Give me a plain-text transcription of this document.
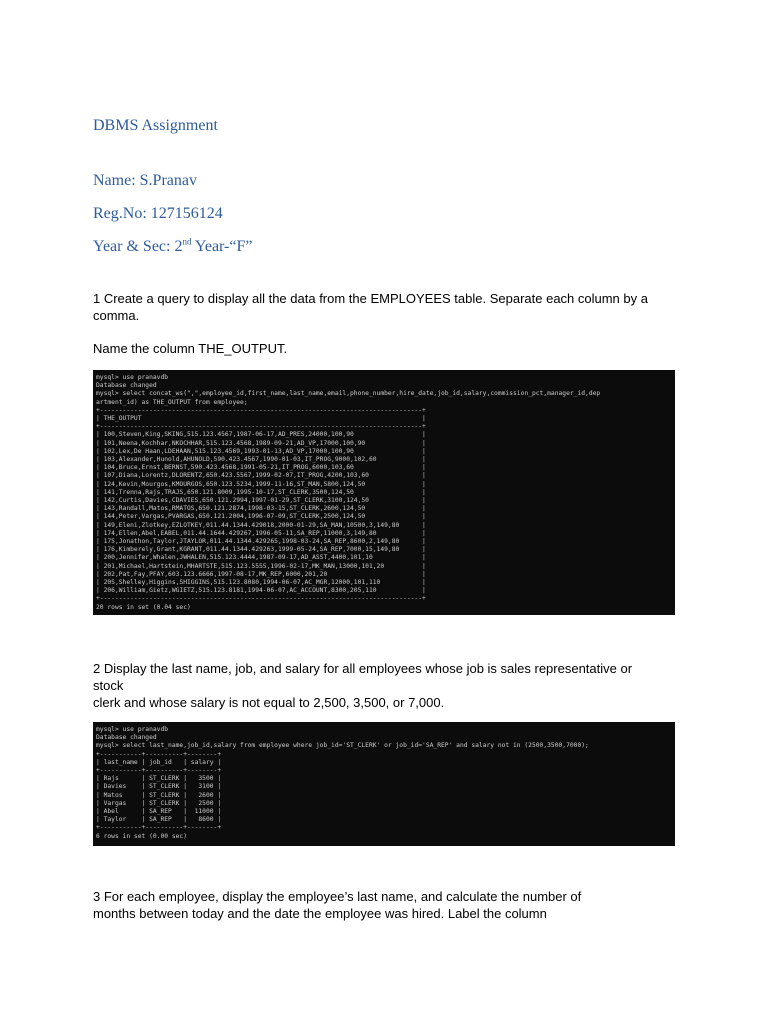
DBMS Assignment
Name: S.Pranav
Reg.No: 127156124
Year & Sec: 2nd Year-“F”
1 Create a query to display all the data from the EMPLOYEES table. Separate each column by a comma.
Name the column THE_OUTPUT.
mysql> use pranavdb
Database changed
mysql> select concat_ws(",",employee_id,first_name,last_name,email,phone_number,hire_date,job_id,salary,commission_pct,manager_id,dep
artment_id) as THE_OUTPUT from employee;
+-------------------------------------------------------------------------------------+
| THE_OUTPUT                                                                          |
+-------------------------------------------------------------------------------------+
| 100,Steven,King,SKING,515.123.4567,1987-06-17,AD_PRES,24000,100,90                  |
| 101,Neena,Kochhar,NKOCHHAR,515.123.4568,1989-09-21,AD_VP,17000,100,90               |
| 102,Lex,De Haan,LDEHAAN,515.123.4569,1993-01-13,AD_VP,17000,100,90                  |
| 103,Alexander,Hunold,AHUNOLD,590.423.4567,1990-01-03,IT_PROG,9000,102,60            |
| 104,Bruce,Ernst,BERNST,590.423.4568,1991-05-21,IT_PROG,6000,103,60                  |
| 107,Diana,Lorentz,DLORENTZ,650.423.5567,1999-02-07,IT_PROG,4200,103,60              |
| 124,Kevin,Mourgos,KMOURGOS,650.123.5234,1999-11-16,ST_MAN,5800,124,50               |
| 141,Trenna,Rajs,TRAJS,650.121.8009,1995-10-17,ST_CLERK,3500,124,50                  |
| 142,Curtis,Davies,CDAVIES,650.121.2994,1997-01-29,ST_CLERK,3100,124,50              |
| 143,Randall,Matos,RMATOS,650.121.2874,1998-03-15,ST_CLERK,2600,124,50               |
| 144,Peter,Vargas,PVARGAS,650.121.2004,1996-07-09,ST_CLERK,2500,124,50               |
| 149,Eleni,Zlotkey,EZLOTKEY,011.44.1344.429018,2000-01-29,SA_MAN,10500,3,149,80      |
| 174,Ellen,Abel,EABEL,011.44.1644.429267,1996-05-11,SA_REP,11000,3,149,80            |
| 175,Jonathon,Taylor,JTAYLOR,011.44.1344.429265,1998-03-24,SA_REP,8600,2,149,80      |
| 176,Kimberely,Grant,KGRANT,011.44.1344.429263,1999-05-24,SA_REP,7000,15,149,80      |
| 200,Jennifer,Whalen,JWHALEN,515.123.4444,1987-09-17,AD_ASST,4400,101,10             |
| 201,Michael,Hartstein,MHARTSTE,515.123.5555,1996-02-17,MK_MAN,13000,101,20          |
| 202,Pat,Fay,PFAY,603.123.6666,1997-08-17,MK_REP,6000,201,20                         |
| 205,Shelley,Higgins,SHIGGINS,515.123.8080,1994-06-07,AC_MGR,12000,101,110           |
| 206,William,Gietz,WGIETZ,515.123.8181,1994-06-07,AC_ACCOUNT,8300,205,110            |
+-------------------------------------------------------------------------------------+
20 rows in set (0.04 sec)
2 Display the last name, job, and salary for all employees whose job is sales representative or
stock
clerk and whose salary is not equal to 2,500, 3,500, or 7,000.
mysql> use pranavdb
Database changed
mysql> select last_name,job_id,salary from employee where job_id='ST_CLERK' or job_id='SA_REP' and salary not in (2500,3500,7000);
+-----------+----------+--------+
| last_name | job_id   | salary |
+-----------+----------+--------+
| Rajs      | ST_CLERK |   3500 |
| Davies    | ST_CLERK |   3100 |
| Matos     | ST_CLERK |   2600 |
| Vargas    | ST_CLERK |   2500 |
| Abel      | SA_REP   |  11000 |
| Taylor    | SA_REP   |   8600 |
+-----------+----------+--------+
6 rows in set (0.00 sec)
3 For each employee, display the employee’s last name, and calculate the number of
months between today and the date the employee was hired. Label the column
